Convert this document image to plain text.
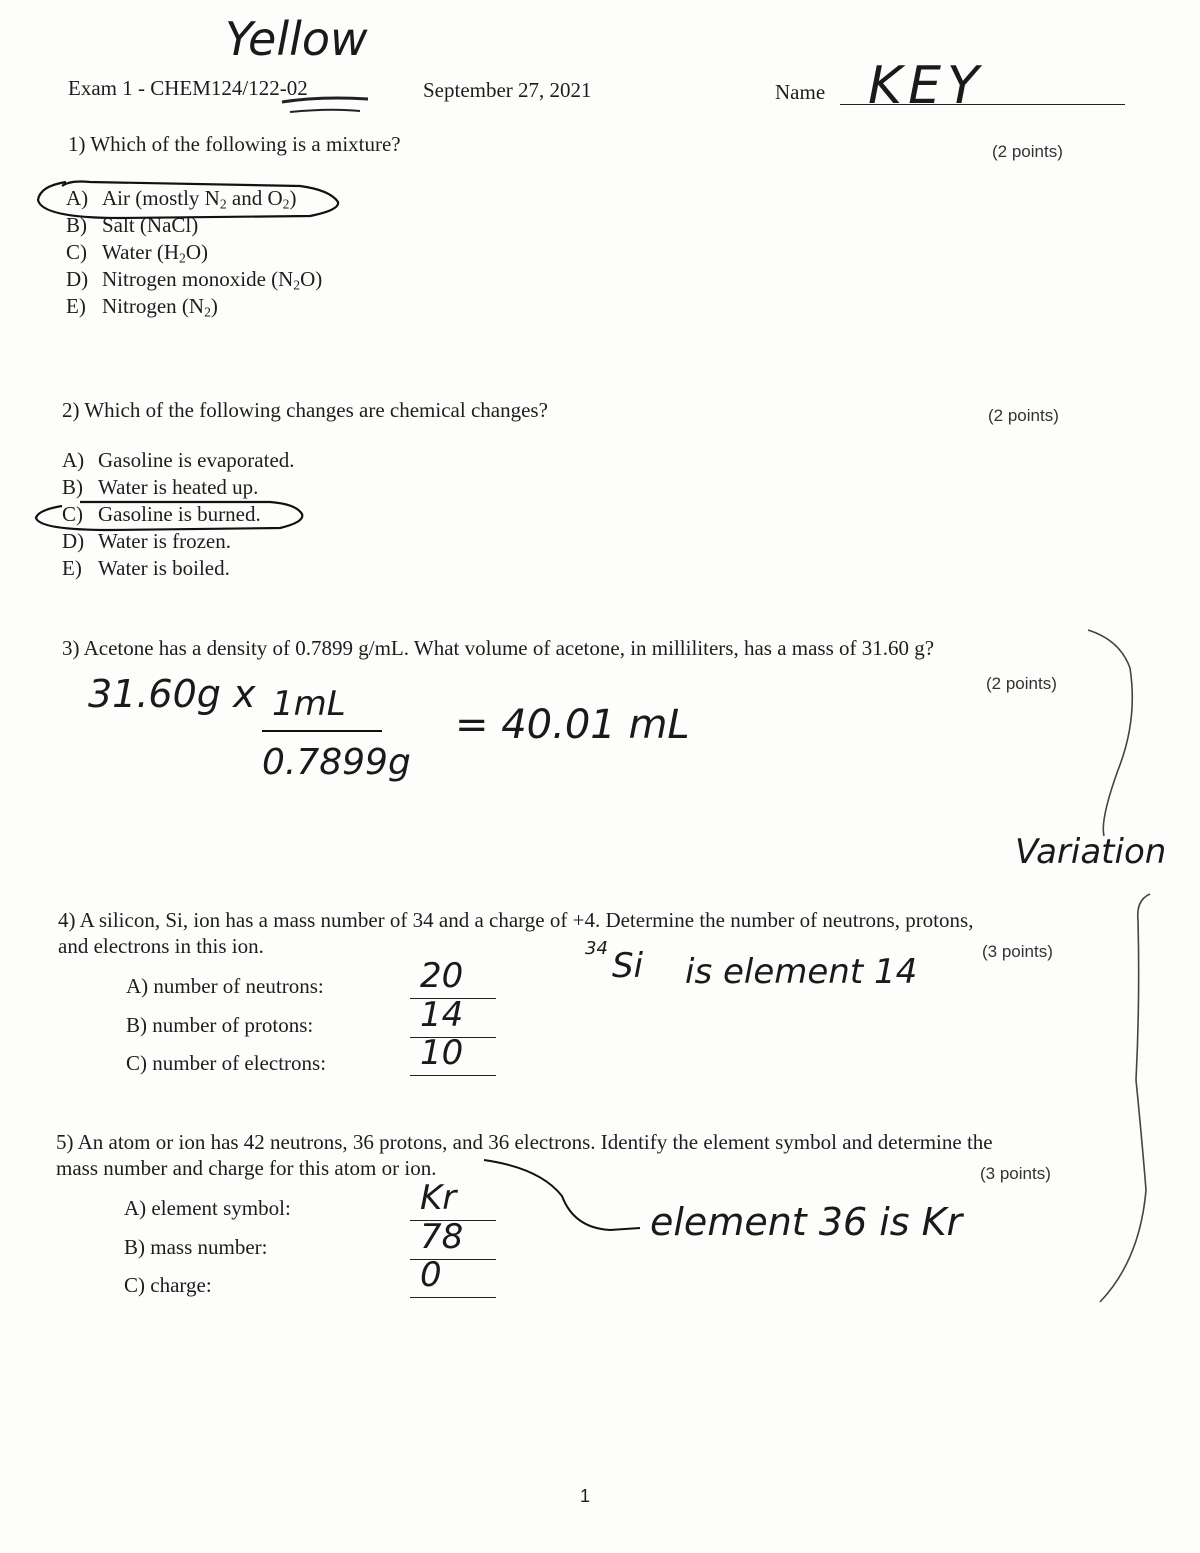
Yellow
Exam 1 - CHEM124/122-02	September 27, 2021	Name KEY
1) Which of the following is a mixture?	(2 points)
A) Air (mostly $N_2$ and $O_2$)
B) Salt (NaCl)
C) Water $(H_2O)$
D) Nitrogen monoxide $(N_2O)$
E) Nitrogen $(N_2)$
2) Which of the following changes are chemical changes?	(2 points)
A) Gasoline is evaporated.
B) Water is heated up.
C) Gasoline is burned.
D) Water is frozen.
E) Water is boiled.
3) Acetone has a density of 0.7899 g/mL. What volume of acetone, in milliliters, has a mass of 31.60 g?
(2 points)
31.60g x 1mL
0.7899g
= 40.01 mL
Variation
4) A silicon, Si, ion has a mass number of 34 and a charge of +4. Determine the number of neutrons, protons,
and electrons in this ion.	(3 points)
A) number of neutrons:	20
B) number of protons:	14
C) number of electrons:	10
34 Si is element 14
5) An atom or ion has 42 neutrons, 36 protons, and 36 electrons. Identify the element symbol and determine the
mass number and charge for this atom or ion.	(3 points)
A) element symbol:	Kr
B) mass number:	78
C) charge:	0
element 36 is Kr
1
